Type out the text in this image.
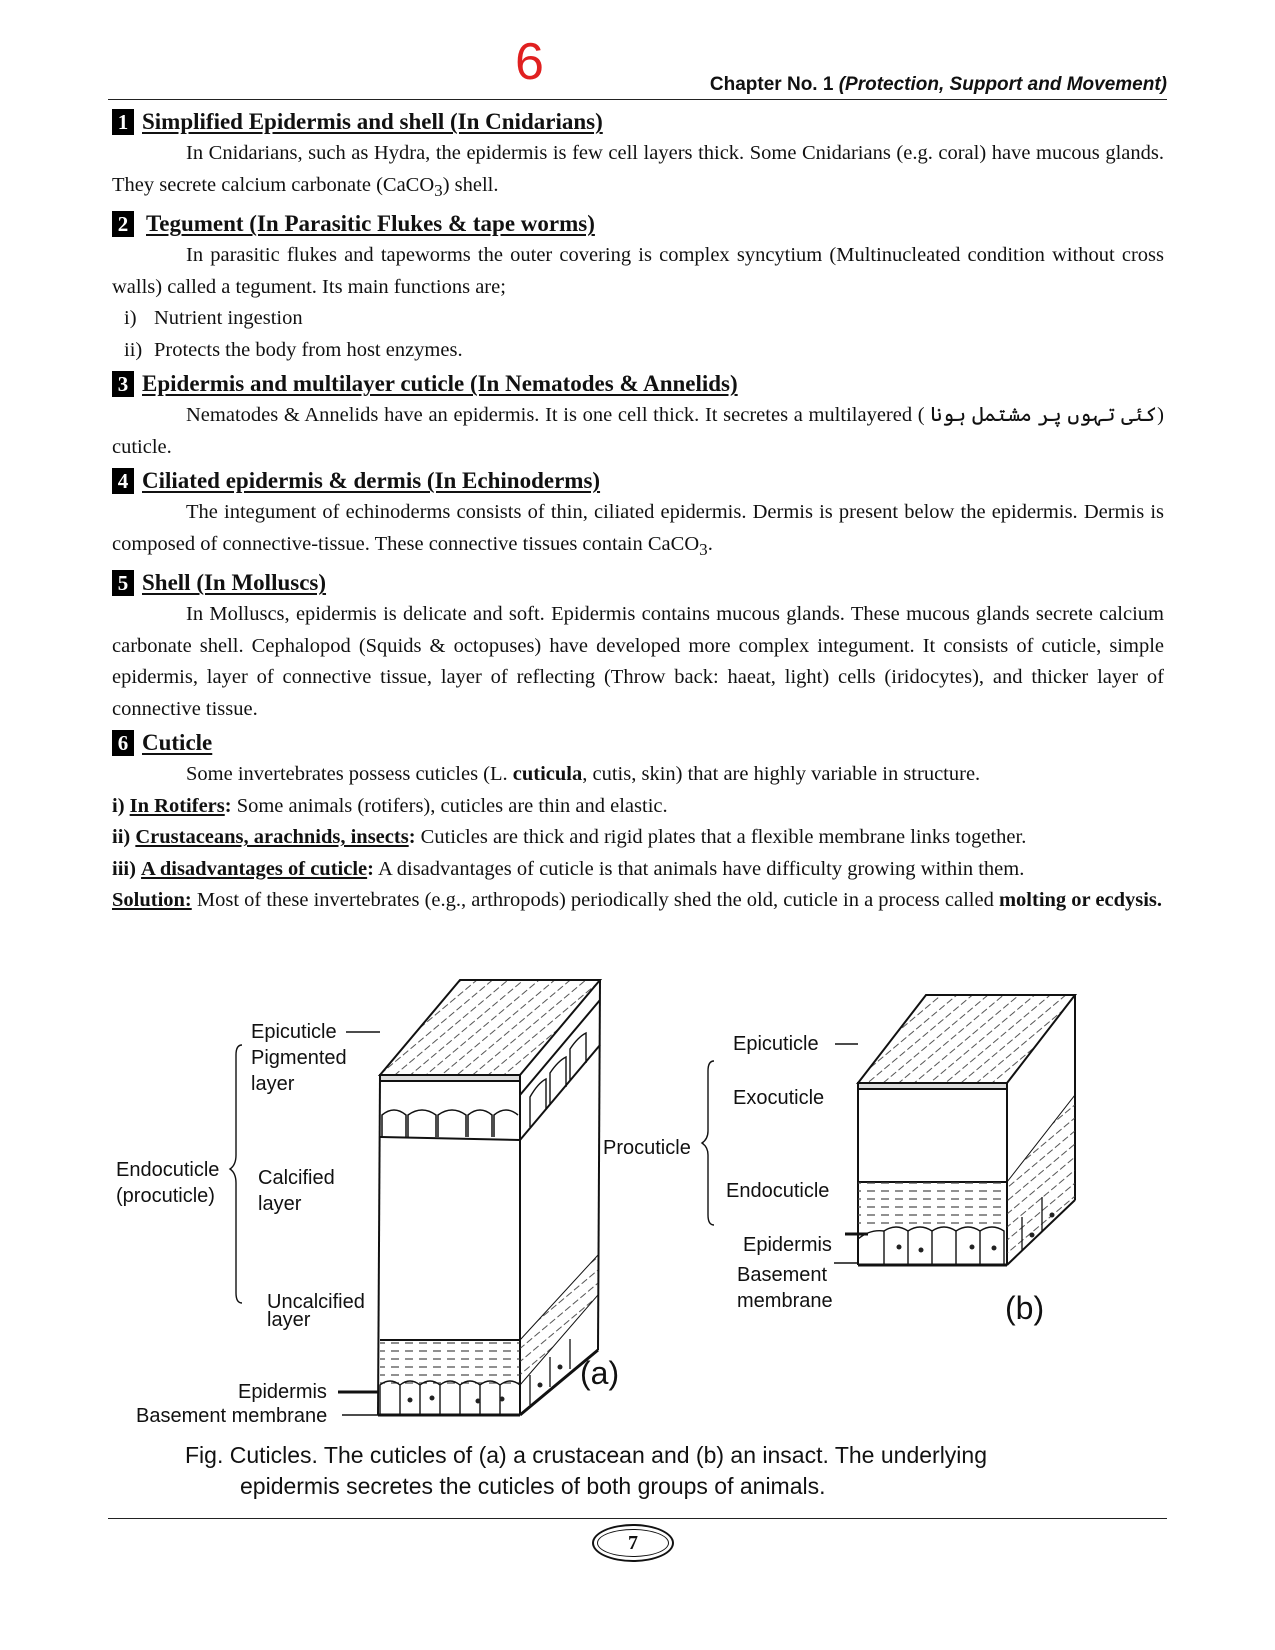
6	Chapter No. 1 (Protection, Support and Movement)
1 Simplified Epidermis and shell (In Cnidarians)

In Cnidarians, such as Hydra, the epidermis is few cell layers thick. Some Cnidarians (e.g. coral) have mucous glands. They secrete calcium carbonate (CaCO$_3$) shell.

2 Tegument (In Parasitic Flukes & tape worms)

In parasitic flukes and tapeworms the outer covering is complex syncytium (Multinucleated condition without cross walls) called a tegument. Its main functions are;

i) Nutrient ingestion
ii) Protects the body from host enzymes.
3 Epidermis and multilayer cuticle (In Nematodes & Annelids)

Nematodes & Annelids have an epidermis. It is one cell thick. It secretes a multilayered ( کئی تہوں پر مشتمل ہونا) cuticle.

4 Ciliated epidermis & dermis (In Echinoderms)

The integument of echinoderms consists of thin, ciliated epidermis. Dermis is present below the epidermis. Dermis is composed of connective-tissue. These connective tissues contain CaCO$_3$.

5 Shell (In Molluscs)

In Molluscs, epidermis is delicate and soft. Epidermis contains mucous glands. These mucous glands secrete calcium carbonate shell. Cephalopod (Squids & octopuses) have developed more complex integument. It consists of cuticle, simple epidermis, layer of connective tissue, layer of reflecting (Throw back: haeat, light) cells (iridocytes), and thicker layer of connective tissue.

6 Cuticle

Some invertebrates possess cuticles (L. cuticula, cutis, skin) that are highly variable in structure.

i) In Rotifers: Some animals (rotifers), cuticles are thin and elastic.

ii) Crustaceans, arachnids, insects: Cuticles are thick and rigid plates that a flexible membrane links together.

iii) A disadvantages of cuticle: A disadvantages of cuticle is that animals have difficulty growing within them.

Solution: Most of these invertebrates (e.g., arthropods) periodically shed the old, cuticle in a process called molting or ecdysis.

Epicuticle
Pigmented
layer
Endocuticle
(procuticle)
Calcified
layer
Uncalcified
layer
Epidermis
Basement membrane
(a)
Epicuticle
Exocuticle
Procuticle
Endocuticle
Epidermis
Basement
membrane	(b)
Fig. Cuticles. The cuticles of (a) a crustacean and (b) an insact. The underlying
epidermis secretes the cuticles of both groups of animals.
7
